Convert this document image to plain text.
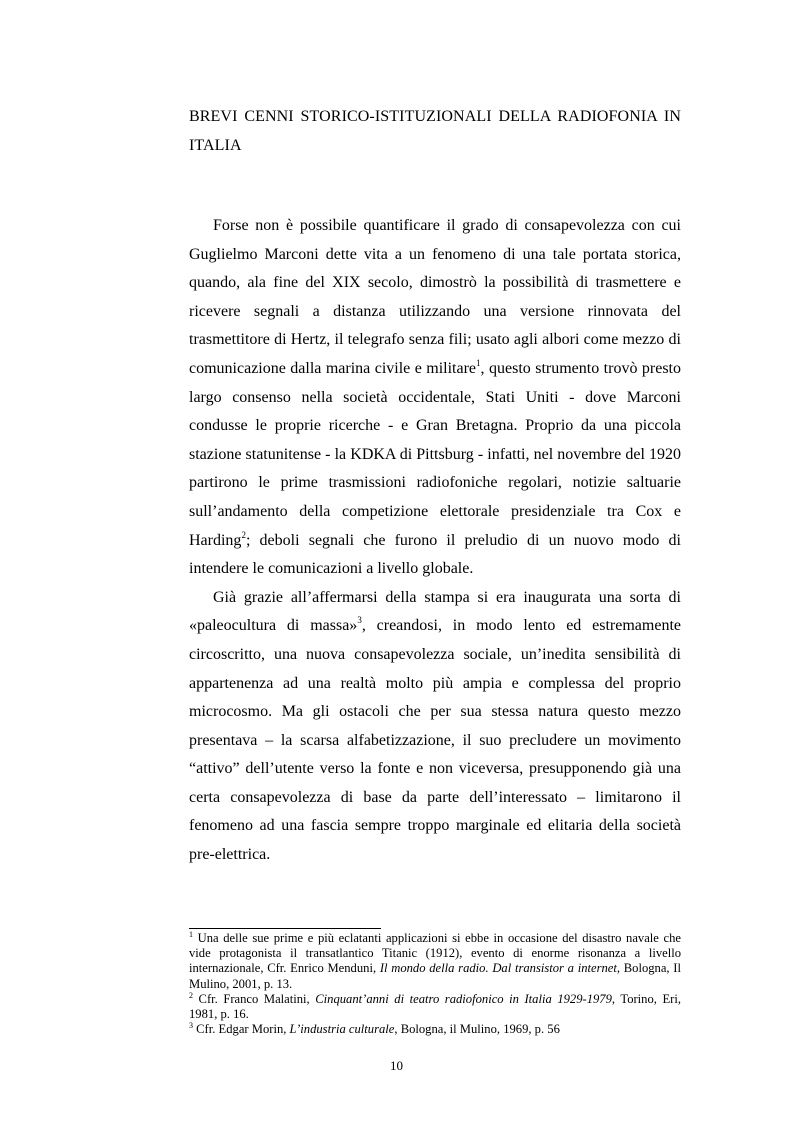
BREVI CENNI STORICO-ISTITUZIONALI DELLA RADIOFONIA IN ITALIA

Forse non è possibile quantificare il grado di consapevolezza con cui Guglielmo Marconi dette vita a un fenomeno di una tale portata storica, quando, ala fine del XIX secolo, dimostrò la possibilità di trasmettere e ricevere segnali a distanza utilizzando una versione rinnovata del trasmettitore di Hertz, il telegrafo senza fili; usato agli albori come mezzo di comunicazione dalla marina civile e militare$^1$, questo strumento trovò presto largo consenso nella società occidentale, Stati Uniti - dove Marconi condusse le proprie ricerche - e Gran Bretagna. Proprio da una piccola stazione statunitense - la KDKA di Pittsburg - infatti, nel novembre del 1920 partirono le prime trasmissioni radiofoniche regolari, notizie saltuarie sull’andamento della competizione elettorale presidenziale tra Cox e Harding$^2$; deboli segnali che furono il preludio di un nuovo modo di intendere le comunicazioni a livello globale.

Già grazie all’affermarsi della stampa si era inaugurata una sorta di «paleocultura di massa»$^3$, creandosi, in modo lento ed estremamente circoscritto, una nuova consapevolezza sociale, un’inedita sensibilità di appartenenza ad una realtà molto più ampia e complessa del proprio microcosmo. Ma gli ostacoli che per sua stessa natura questo mezzo presentava – la scarsa alfabetizzazione, il suo precludere un movimento “attivo” dell’utente verso la fonte e non viceversa, presupponendo già una certa consapevolezza di base da parte dell’interessato – limitarono il fenomeno ad una fascia sempre troppo marginale ed elitaria della società pre-elettrica.

$^1$ Una delle sue prime e più eclatanti applicazioni si ebbe in occasione del disastro navale che vide protagonista il transatlantico Titanic (1912), evento di enorme risonanza a livello internazionale, Cfr. Enrico Menduni, Il mondo della radio. Dal transistor a internet, Bologna, Il Mulino, 2001, p. 13.

$^2$ Cfr. Franco Malatini, Cinquant’anni di teatro radiofonico in Italia 1929-1979, Torino, Eri, 1981, p. 16.

$^3$ Cfr. Edgar Morin, L’industria culturale, Bologna, il Mulino, 1969, p. 56

10
